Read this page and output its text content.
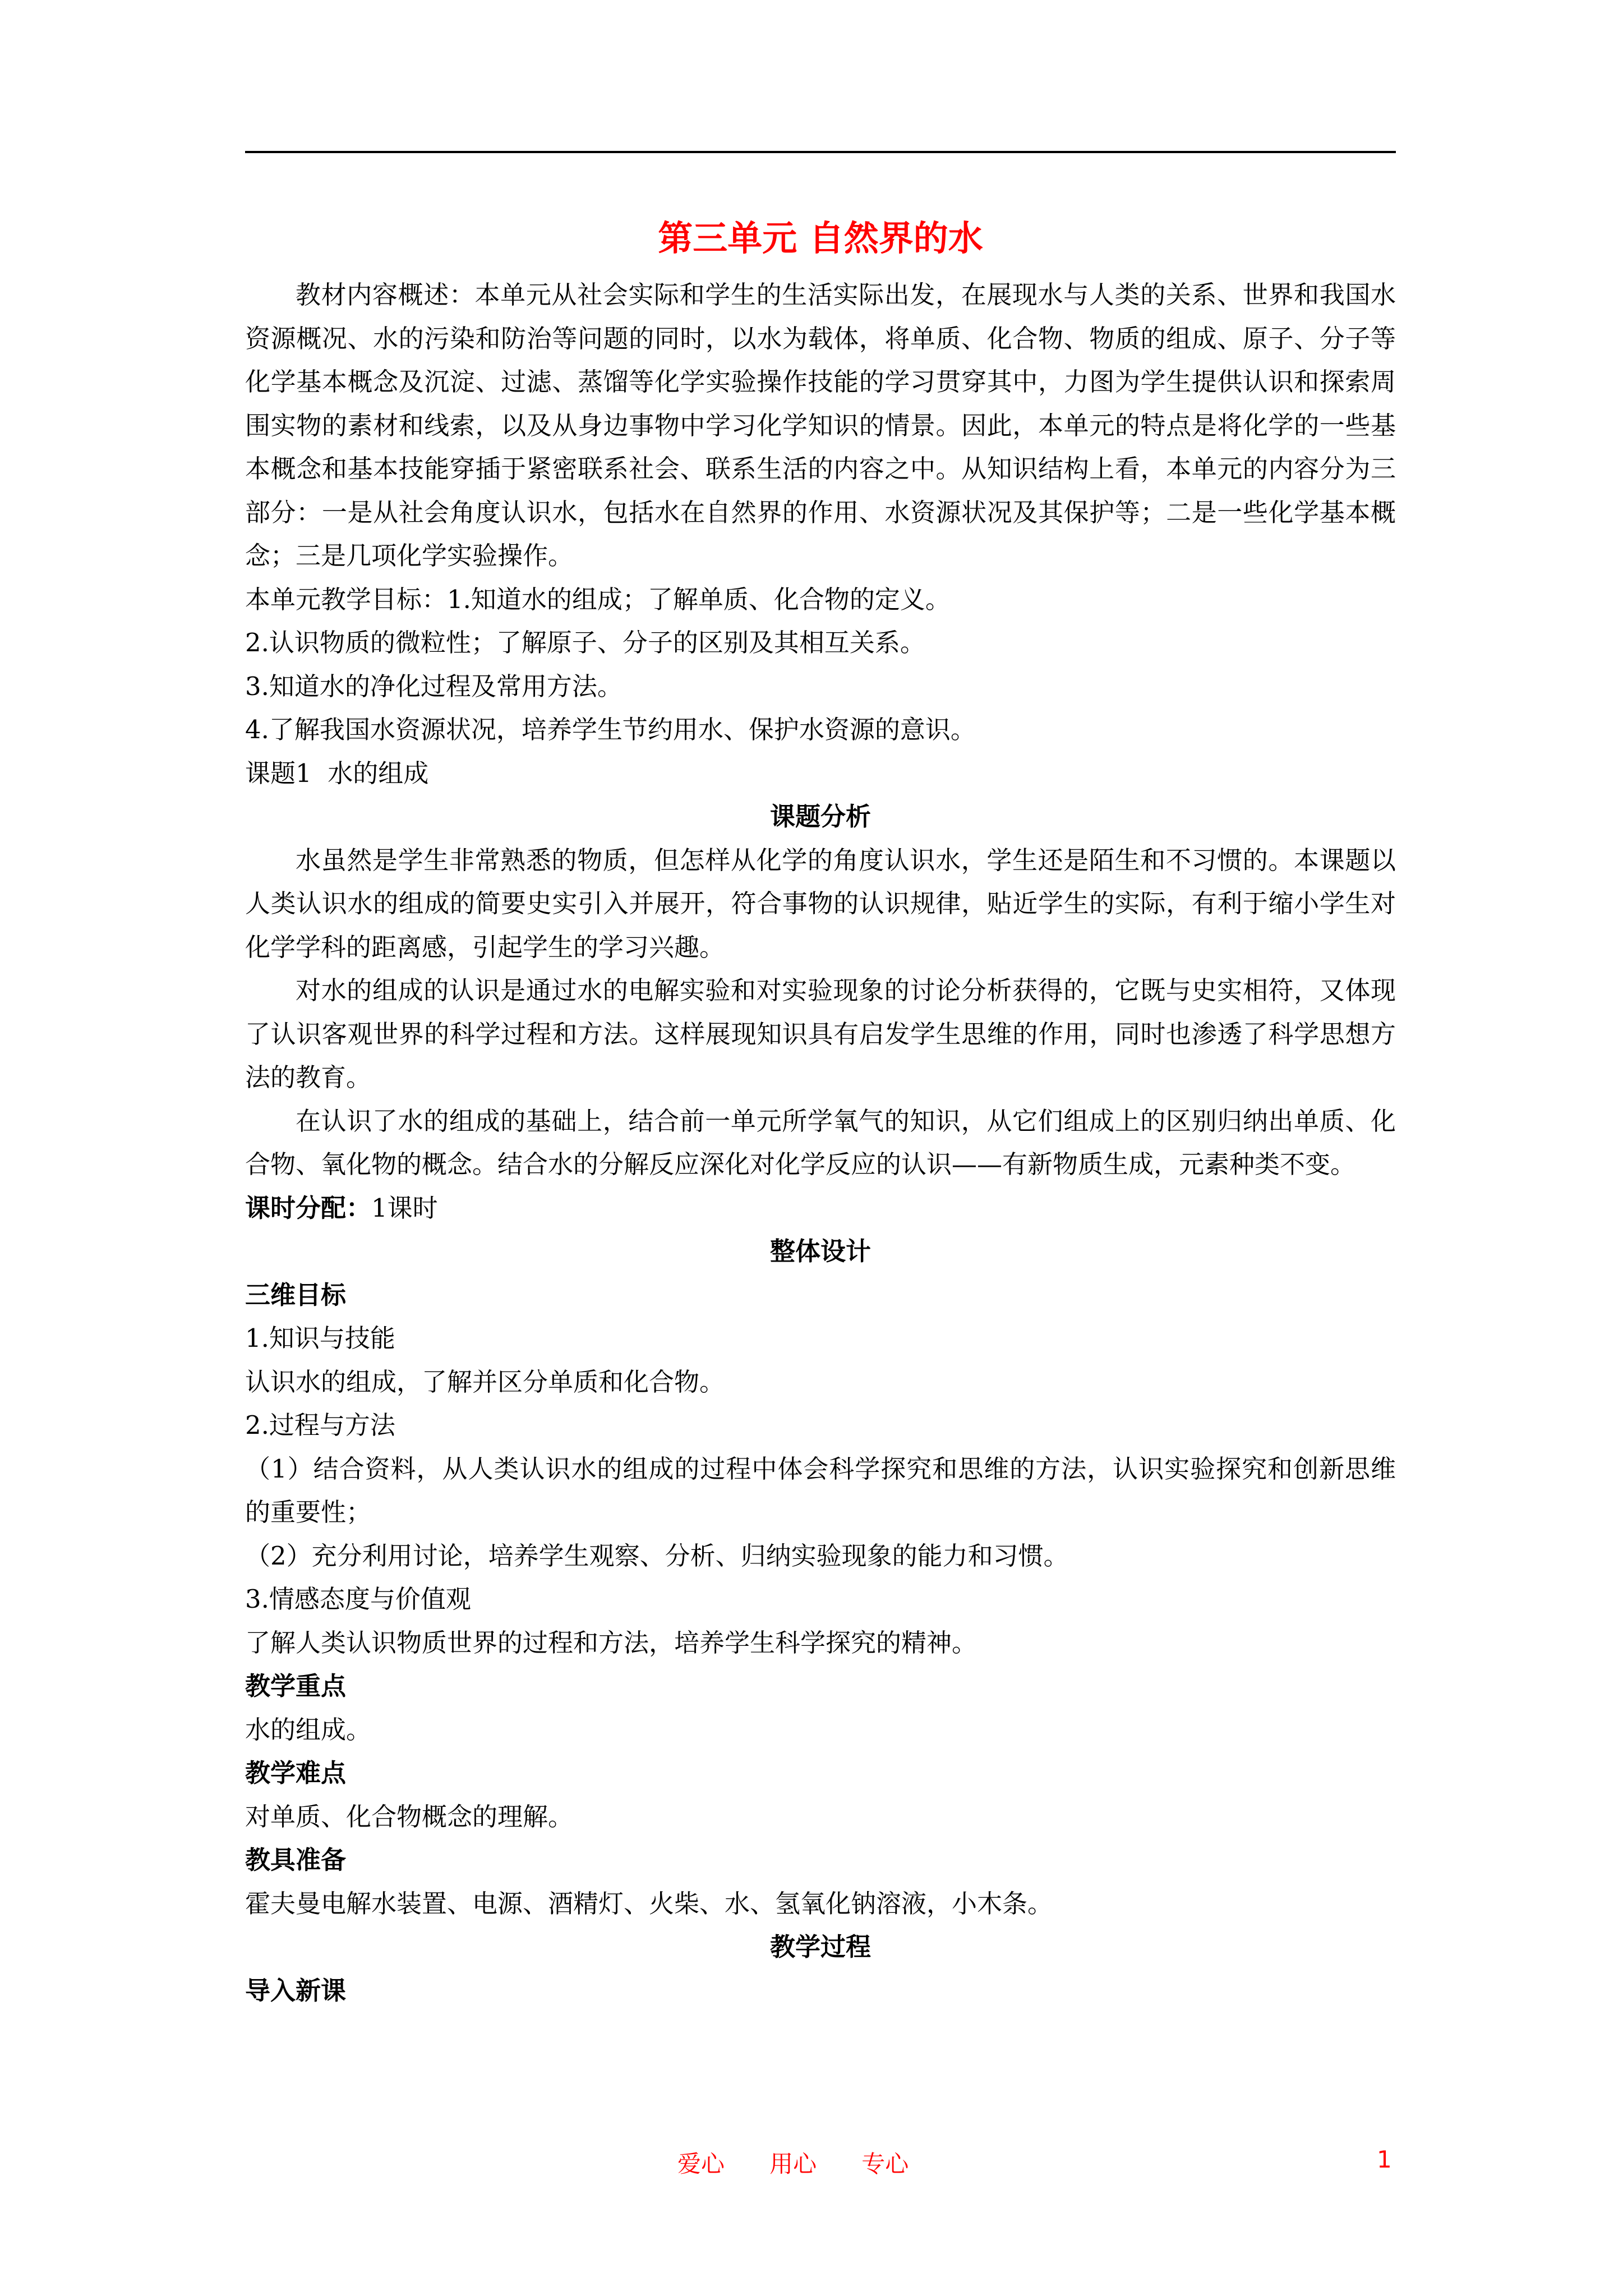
第三单元 自然界的水

教材内容概述：本单元从社会实际和学生的生活实际出发，在展现水与人类的关系、世界和我国水资源概况、水的污染和防治等问题的同时，以水为载体，将单质、化合物、物质的组成、原子、分子等化学基本概念及沉淀、过滤、蒸馏等化学实验操作技能的学习贯穿其中，力图为学生提供认识和探索周围实物的素材和线索，以及从身边事物中学习化学知识的情景。因此，本单元的特点是将化学的一些基本概念和基本技能穿插于紧密联系社会、联系生活的内容之中。从知识结构上看，本单元的内容分为三部分：一是从社会角度认识水，包括水在自然界的作用、水资源状况及其保护等；二是一些化学基本概念；三是几项化学实验操作。

本单元教学目标：1.知道水的组成；了解单质、化合物的定义。

2.认识物质的微粒性；了解原子、分子的区别及其相互关系。

3.知道水的净化过程及常用方法。

4.了解我国水资源状况，培养学生节约用水、保护水资源的意识。

课题1  水的组成

课题分析

水虽然是学生非常熟悉的物质，但怎样从化学的角度认识水，学生还是陌生和不习惯的。本课题以人类认识水的组成的简要史实引入并展开，符合事物的认识规律，贴近学生的实际，有利于缩小学生对化学学科的距离感，引起学生的学习兴趣。

对水的组成的认识是通过水的电解实验和对实验现象的讨论分析获得的，它既与史实相符，又体现了认识客观世界的科学过程和方法。这样展现知识具有启发学生思维的作用，同时也渗透了科学思想方法的教育。

在认识了水的组成的基础上，结合前一单元所学氧气的知识，从它们组成上的区别归纳出单质、化合物、氧化物的概念。结合水的分解反应深化对化学反应的认识——有新物质生成，元素种类不变。

课时分配：1课时

整体设计

三维目标

1.知识与技能

认识水的组成，了解并区分单质和化合物。

2.过程与方法

（1）结合资料，从人类认识水的组成的过程中体会科学探究和思维的方法，认识实验探究和创新思维的重要性；

（2）充分利用讨论，培养学生观察、分析、归纳实验现象的能力和习惯。

3.情感态度与价值观

了解人类认识物质世界的过程和方法，培养学生科学探究的精神。

教学重点

水的组成。

教学难点

对单质、化合物概念的理解。

教具准备

霍夫曼电解水装置、电源、酒精灯、火柴、水、氢氧化钠溶液，小木条。

教学过程

导入新课

爱心      用心      专心	1
